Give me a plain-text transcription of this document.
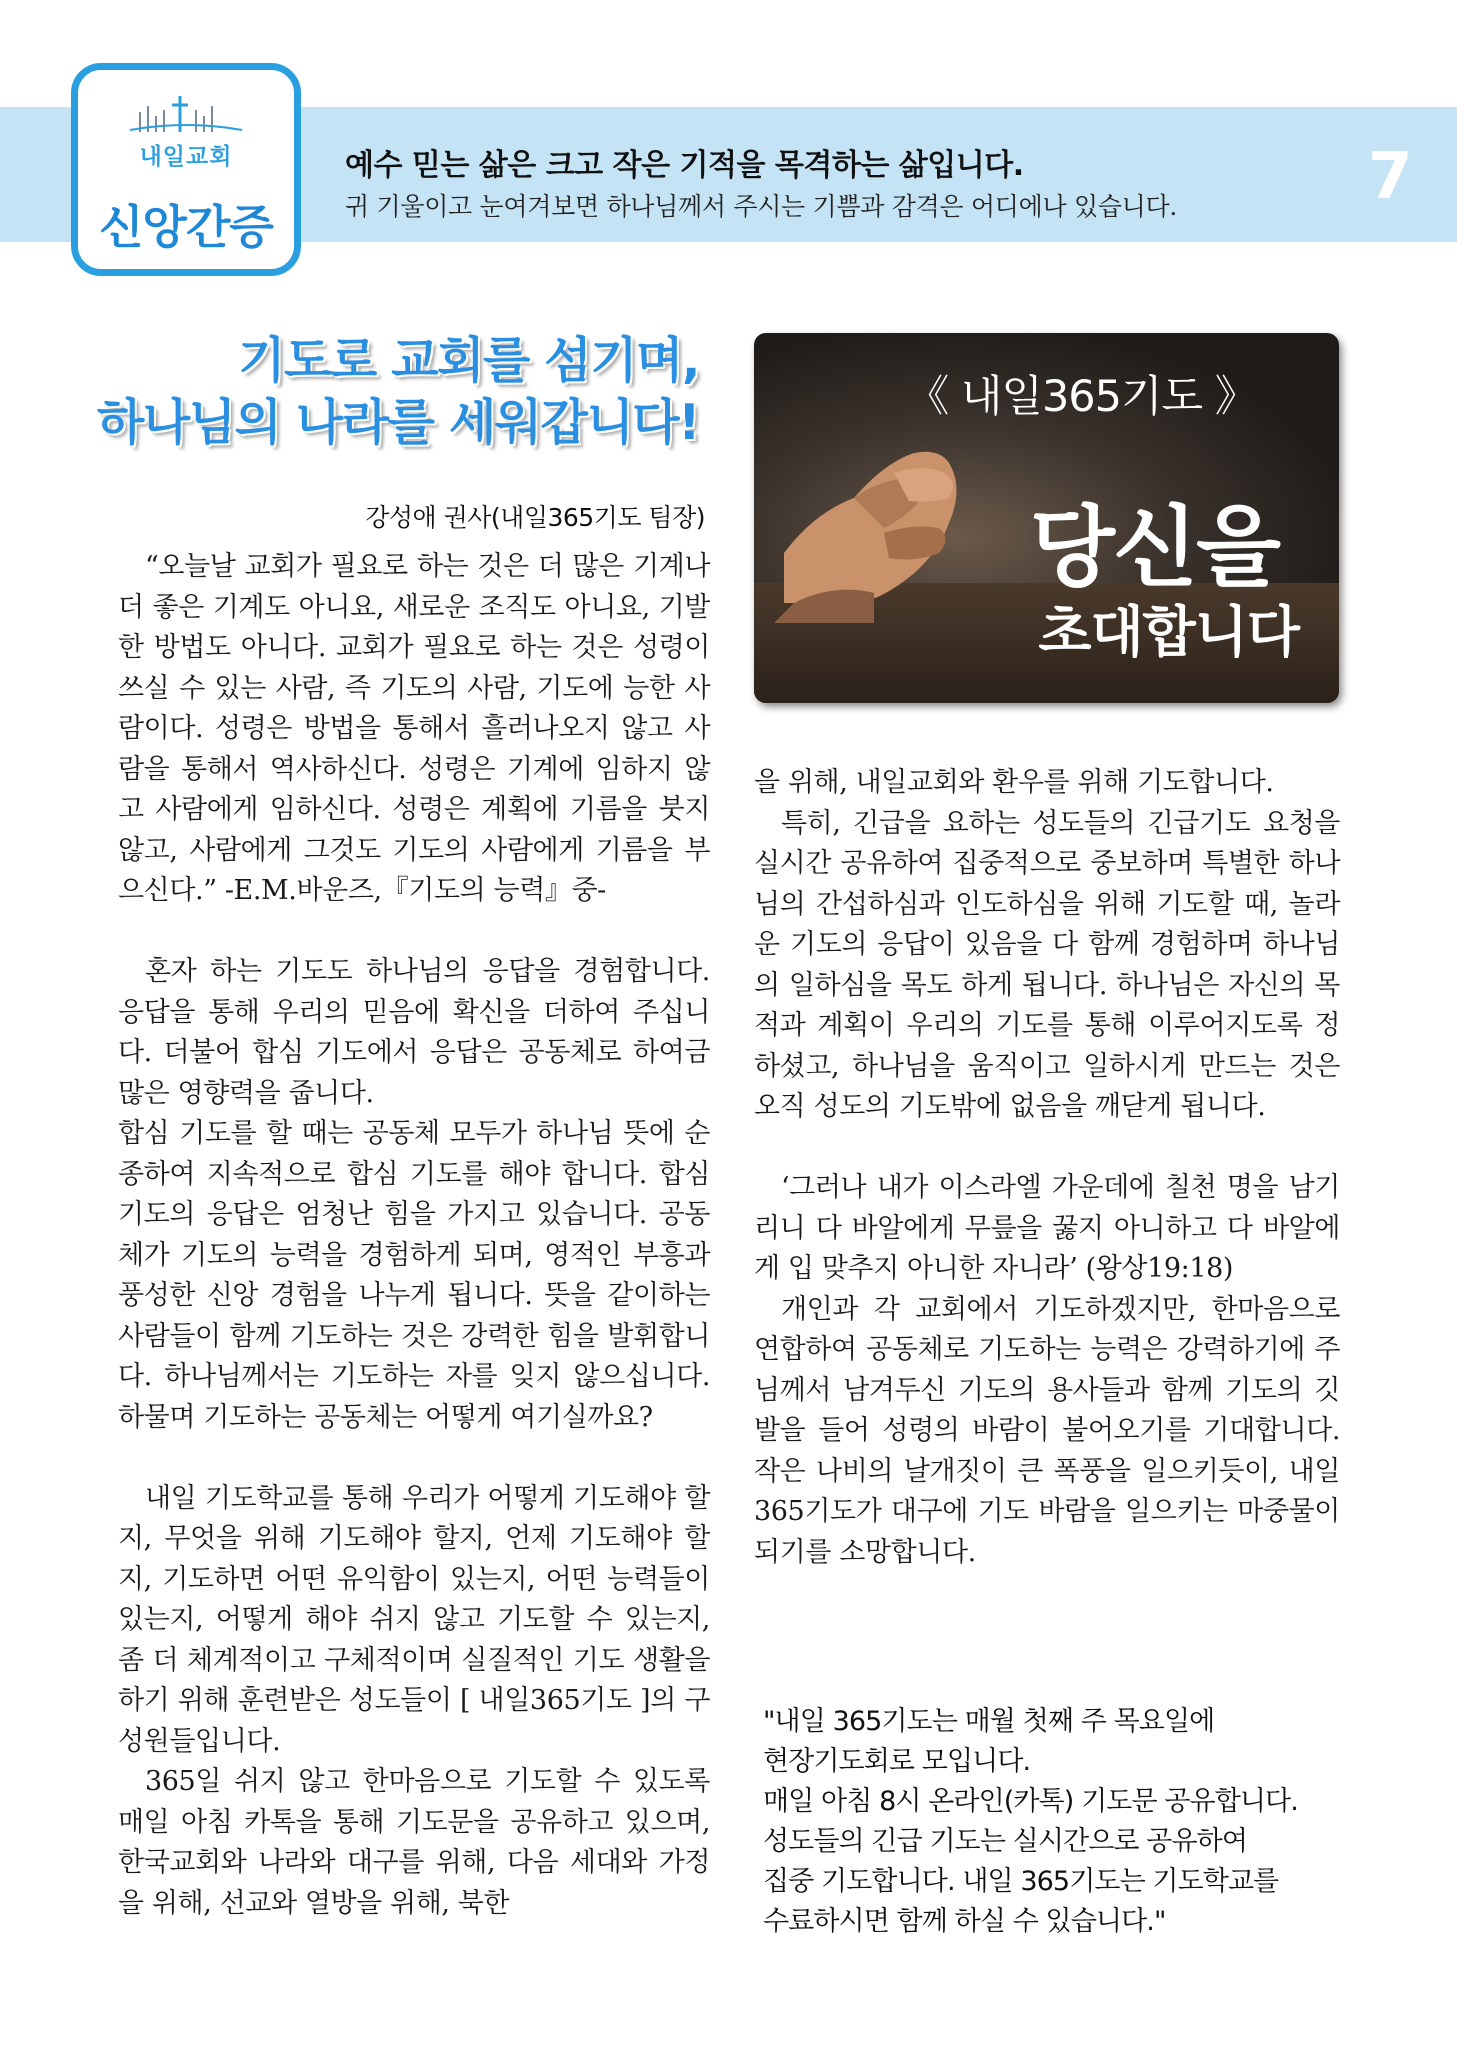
내일교회
신앙간증
예수 믿는 삶은 크고 작은 기적을 목격하는 삶입니다.
귀 기울이고 눈여겨보면 하나님께서 주시는 기쁨과 감격은 어디에나 있습니다.	7
기도로 교회를 섬기며,
하나님의 나라를 세워갑니다!
강성애 권사(내일365기도 팀장)

“오늘날 교회가 필요로 하는 것은 더 많은 기계나 더 좋은 기계도 아니요, 새로운 조직도 아니요, 기발한 방법도 아니다. 교회가 필요로 하는 것은 성령이 쓰실 수 있는 사람, 즉 기도의 사람, 기도에 능한 사람이다. 성령은 방법을 통해서 흘러나오지 않고 사람을 통해서 역사하신다. 성령은 기계에 임하지 않고 사람에게 임하신다. 성령은 계획에 기름을 붓지 않고, 사람에게 그것도 기도의 사람에게 기름을 부으신다.” -E.M.바운즈,『기도의 능력』중-

혼자 하는 기도도 하나님의 응답을 경험합니다. 응답을 통해 우리의 믿음에 확신을 더하여 주십니다. 더불어 합심 기도에서 응답은 공동체로 하여금 많은 영향력을 줍니다.

합심 기도를 할 때는 공동체 모두가 하나님 뜻에 순종하여 지속적으로 합심 기도를 해야 합니다. 합심 기도의 응답은 엄청난 힘을 가지고 있습니다. 공동체가 기도의 능력을 경험하게 되며, 영적인 부흥과 풍성한 신앙 경험을 나누게 됩니다. 뜻을 같이하는 사람들이 함께 기도하는 것은 강력한 힘을 발휘합니다. 하나님께서는 기도하는 자를 잊지 않으십니다. 하물며 기도하는 공동체는 어떻게 여기실까요?

내일 기도학교를 통해 우리가 어떻게 기도해야 할지, 무엇을 위해 기도해야 할지, 언제 기도해야 할지, 기도하면 어떤 유익함이 있는지, 어떤 능력들이 있는지, 어떻게 해야 쉬지 않고 기도할 수 있는지, 좀 더 체계적이고 구체적이며 실질적인 기도 생활을 하기 위해 훈련받은 성도들이 [ 내일365기도 ]의 구성원들입니다.

365일 쉬지 않고 한마음으로 기도할 수 있도록 매일 아침 카톡을 통해 기도문을 공유하고 있으며, 한국교회와 나라와 대구를 위해, 다음 세대와 가정을 위해, 선교와 열방을 위해, 북한

《 내일365기도 》
당신을
초대합니다

을 위해, 내일교회와 환우를 위해 기도합니다.

특히, 긴급을 요하는 성도들의 긴급기도 요청을 실시간 공유하여 집중적으로 중보하며 특별한 하나님의 간섭하심과 인도하심을 위해 기도할 때, 놀라운 기도의 응답이 있음을 다 함께 경험하며 하나님의 일하심을 목도 하게 됩니다. 하나님은 자신의 목적과 계획이 우리의 기도를 통해 이루어지도록 정하셨고, 하나님을 움직이고 일하시게 만드는 것은 오직 성도의 기도밖에 없음을 깨닫게 됩니다.

‘그러나 내가 이스라엘 가운데에 칠천 명을 남기리니 다 바알에게 무릎을 꿇지 아니하고 다 바알에게 입 맞추지 아니한 자니라’ (왕상19:18)

개인과 각 교회에서 기도하겠지만, 한마음으로 연합하여 공동체로 기도하는 능력은 강력하기에 주님께서 남겨두신 기도의 용사들과 함께 기도의 깃발을 들어 성령의 바람이 불어오기를 기대합니다. 작은 나비의 날개짓이 큰 폭풍을 일으키듯이, 내일365기도가 대구에 기도 바람을 일으키는 마중물이 되기를 소망합니다.

"내일 365기도는 매월 첫째 주 목요일에
현장기도회로 모입니다.
매일 아침 8시 온라인(카톡) 기도문 공유합니다.
성도들의 긴급 기도는 실시간으로 공유하여
집중 기도합니다. 내일 365기도는 기도학교를
수료하시면 함께 하실 수 있습니다."
